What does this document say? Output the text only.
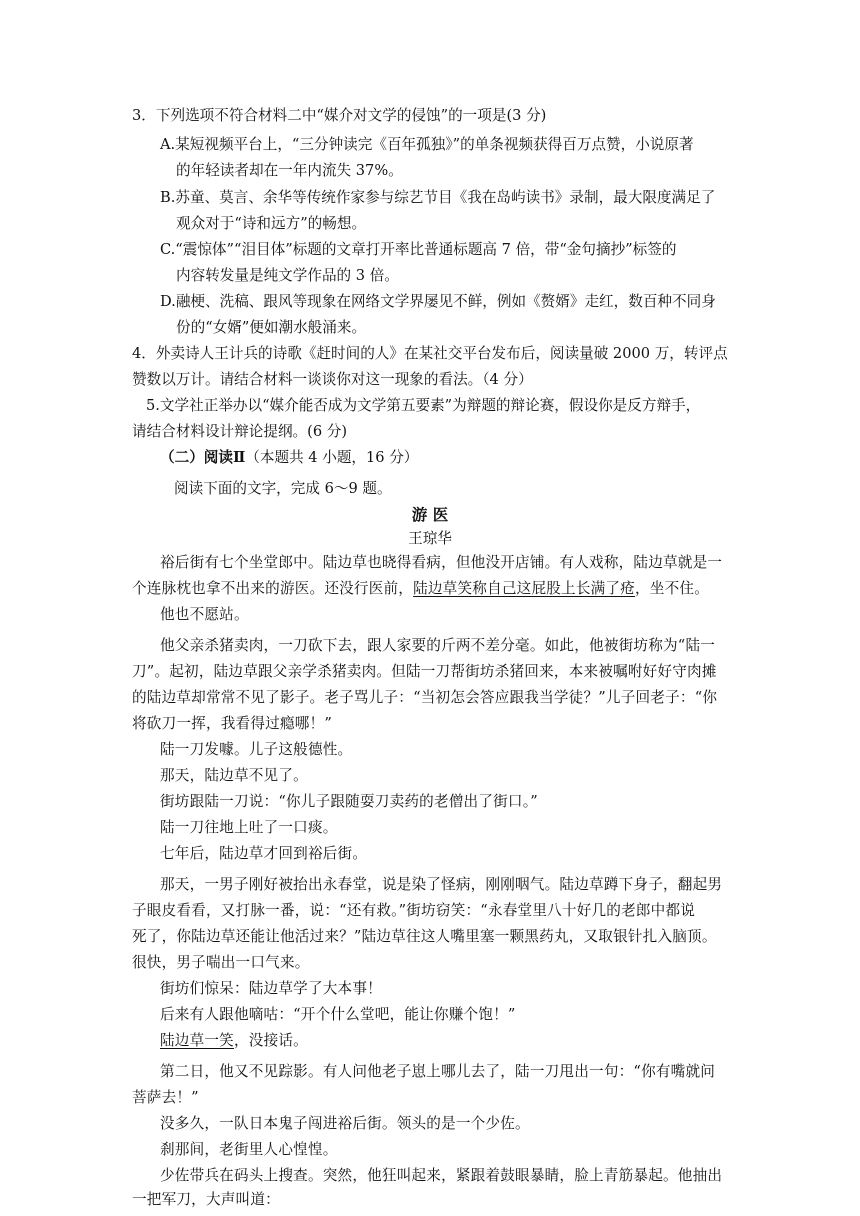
3．下列选项不符合材料二中“媒介对文学的侵蚀”的一项是(3 分)
A.某短视频平台上，“三分钟读完《百年孤独》”的单条视频获得百万点赞，小说原著
的年轻读者却在一年内流失 37%。
B.苏童、莫言、余华等传统作家参与综艺节目《我在岛屿读书》录制，最大限度满足了
观众对于“诗和远方”的畅想。
C.“震惊体”“泪目体”标题的文章打开率比普通标题高 7 倍，带“金句摘抄”标签的
内容转发量是纯文学作品的 3 倍。
D.融梗、洗稿、跟风等现象在网络文学界屡见不鲜，例如《赘婿》走红，数百种不同身
份的“女婿”便如潮水般涌来。
4．外卖诗人王计兵的诗歌《赶时间的人》在某社交平台发布后，阅读量破 2000 万，转评点
赞数以万计。请结合材料一谈谈你对这一现象的看法。（4 分）
5.文学社正举办以“媒介能否成为文学第五要素”为辩题的辩论赛，假设你是反方辩手，
请结合材料设计辩论提纲。(6 分)
（二）阅读Ⅱ（本题共 4 小题，16 分）
阅读下面的文字，完成 6～9 题。
游 医
王琼华
裕后街有七个坐堂郎中。陆边草也晓得看病，但他没开店铺。有人戏称，陆边草就是一
个连脉枕也拿不出来的游医。还没行医前，陆边草笑称自己这屁股上长满了疮，坐不住。
他也不愿站。
他父亲杀猪卖肉，一刀砍下去，跟人家要的斤两不差分毫。如此，他被街坊称为“陆一
刀”。起初，陆边草跟父亲学杀猪卖肉。但陆一刀帮街坊杀猪回来，本来被嘱咐好好守肉摊
的陆边草却常常不见了影子。老子骂儿子：“当初怎会答应跟我当学徒？”儿子回老子：“你
将砍刀一挥，我看得过瘾哪！”
陆一刀发噱。儿子这般德性。
那天，陆边草不见了。
街坊跟陆一刀说：“你儿子跟随耍刀卖药的老僧出了街口。”
陆一刀往地上吐了一口痰。
七年后，陆边草才回到裕后街。
那天，一男子刚好被抬出永春堂，说是染了怪病，刚刚咽气。陆边草蹲下身子，翻起男
子眼皮看看，又打脉一番，说：“还有救。”街坊窃笑：“永春堂里八十好几的老郎中都说
死了，你陆边草还能让他活过来？”陆边草往这人嘴里塞一颗黑药丸，又取银针扎入脑顶。
很快，男子喘出一口气来。
街坊们惊呆：陆边草学了大本事！
后来有人跟他嘀咕：“开个什么堂吧，能让你赚个饱！”
陆边草一笑，没接话。
第二日，他又不见踪影。有人问他老子崽上哪儿去了，陆一刀甩出一句：“你有嘴就问
菩萨去！”
没多久，一队日本鬼子闯进裕后街。领头的是一个少佐。
刹那间，老街里人心惶惶。
少佐带兵在码头上搜查。突然，他狂叫起来，紧跟着鼓眼暴睛，脸上青筋暴起。他抽出
一把军刀，大声叫道：
